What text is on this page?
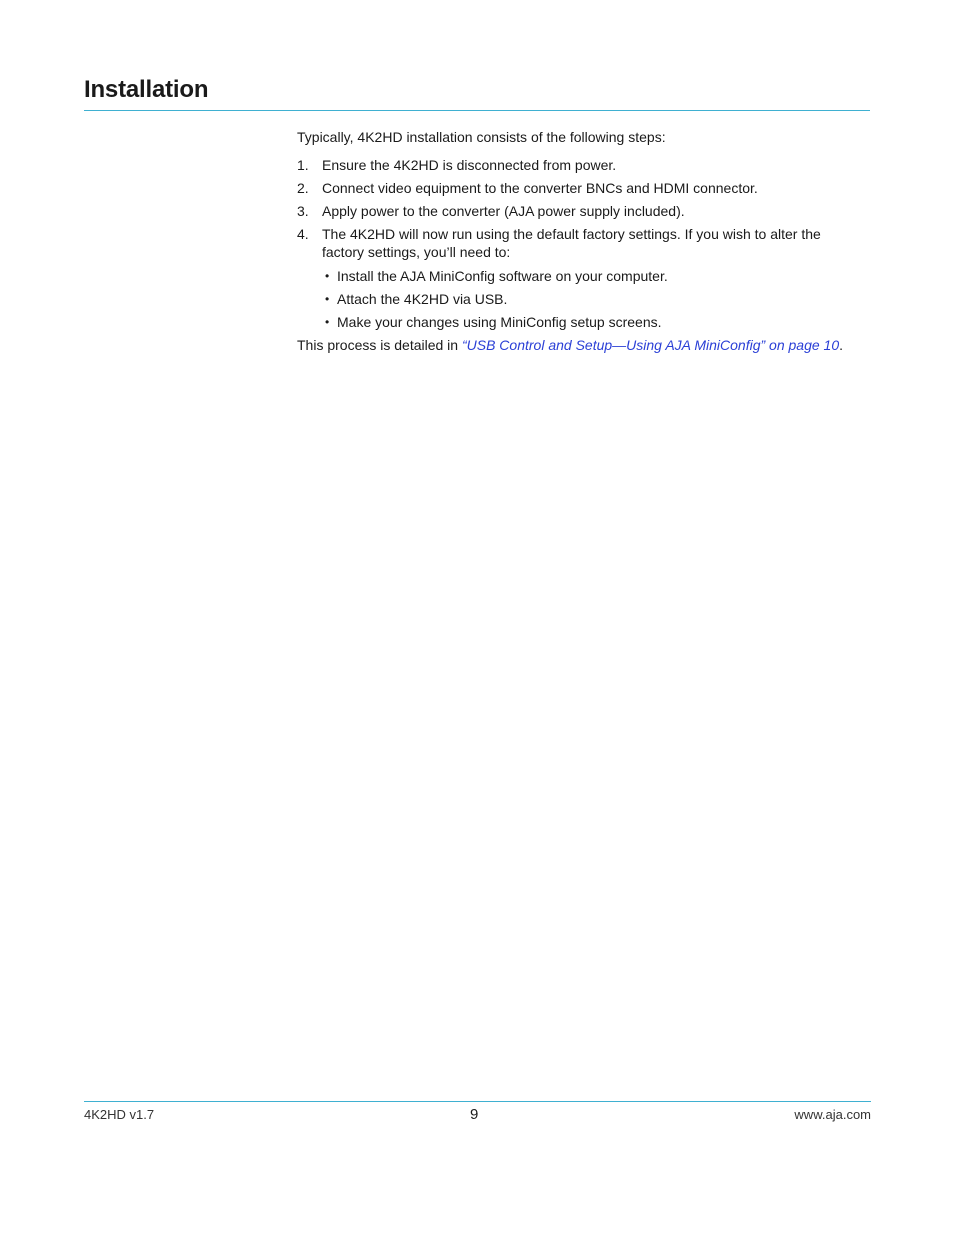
Installation

Typically, 4K2HD installation consists of the following steps:

1. Ensure the 4K2HD is disconnected from power.
2. Connect video equipment to the converter BNCs and HDMI connector.
3. Apply power to the converter (AJA power supply included).
4. The 4K2HD will now run using the default factory settings. If you wish to alter the factory settings, you’ll need to:
• Install the AJA MiniConfig software on your computer.
• Attach the 4K2HD via USB.
• Make your changes using MiniConfig setup screens.

This process is detailed in “USB Control and Setup—Using AJA MiniConfig” on page 10.

4K2HD v1.7	9	www.aja.com
